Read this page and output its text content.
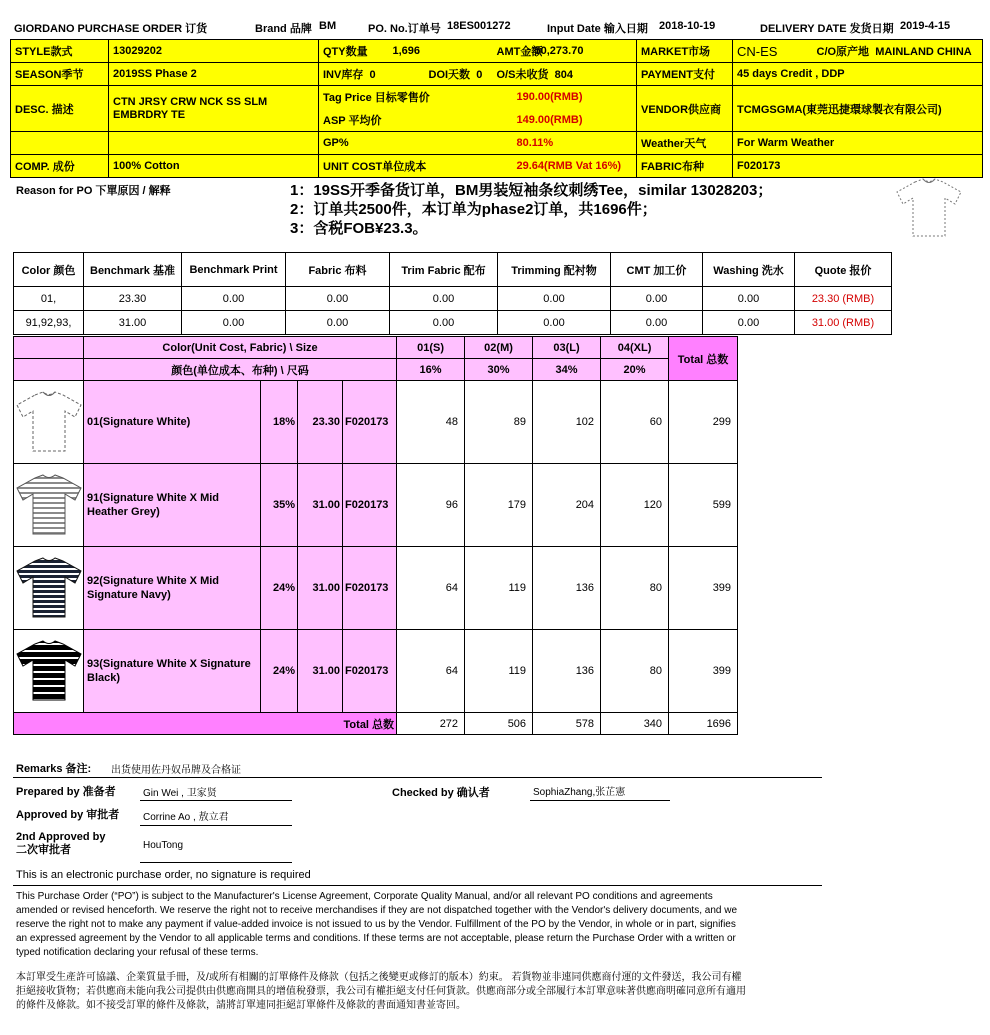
GIORDANO PURCHASE ORDER 订货	Brand 品牌 BM	PO. No.订单号 18ES001272	Input Date 输入日期 2018-10-19	DELIVERY DATE 发货日期 2019-4-15
STYLE款式	13029202	QTY数量	1,696	AMT金额	50,273.70	MARKET市场	CN-ES	C/O原产地 MAINLAND CHINA
SEASON季节	2019SS Phase 2	INV库存 0	DOI天数 0	O/S未收货 804		PAYMENT支付	45 days Credit , DDP	
DESC. 描述	CTN JRSY CRW NCK SS SLM
EMBRDRY TE	Tag Price 目标零售价		190.00(RMB)		VENDOR供应商	TCMGSGMA(東莞迅捷環球製衣有限公司)	
		ASP 平均价		149.00(RMB)				
		GP%		80.11%		Weather天气	For Warm Weather	
COMP. 成份	100% Cotton	UNIT COST单位成本		29.64(RMB Vat 16%)		FABRIC布种	F020173	
Reason for PO 下單原因 / 解释	1：19SS开季备货订单，BM男装短袖条纹刺绣Tee，similar 13028203；
2：订单共2500件，本订单为phase2订单，共1696件；
3：含税FOB¥23.3。
Color 颜色	Benchmark 基准	Benchmark Print	Fabric 布料	Trim Fabric 配布	Trimming 配衬物	CMT 加工价	Washing 洗水	Quote 报价
01,	23.30	0.00	0.00	0.00	0.00	0.00	0.00	23.30 (RMB)
91,92,93,	31.00	0.00	0.00	0.00	0.00	0.00	0.00	31.00 (RMB)
	Color(Unit Cost, Fabric) \ Size				01(S)	02(M)	03(L)	04(XL)	Total 总数
	颜色(单位成本、布种) \ 尺码				16%	30%	34%	20%	

	01(Signature White)	18%	23.30	F020173	48	89	102	60	299

	91(Signature White X Mid Heather Grey)	35%	31.00	F020173	96	179	204	120	599

	92(Signature White X Mid Signature Navy)	24%	31.00	F020173	64	119	136	80	399

	93(Signature White X Signature Black)	24%	31.00	F020173	64	119	136	80	399
Total 总数					272	506	578	340	1696
Remarks 备注: 出货使用佐丹奴吊牌及合格证
Prepared by 准备者	Gin Wei , 卫家贤	Checked by 确认者	SophiaZhang,张芷憲
Approved by 审批者 Corrine Ao , 敖立君
2nd Approved by
二次审批者	HouTong
This is an electronic purchase order, no signature is required
This Purchase Order (“PO”) is subject to the Manufacturer's License Agreement, Corporate Quality Manual, and/or all relevant PO conditions and agreements
amended or revised henceforth. We reserve the right not to receive merchandises if they are not dispatched together with the Vendor's delivery documents, and we
reserve the right not to make any payment if value-added invoice is not issued to us by the Vendor. Fulfillment of the PO by the Vendor, in whole or in part, signifies
an expressed agreement by the Vendor to all applicable terms and conditions. If these terms are not acceptable, please return the Purchase Order with a written or
typed notification declaring your refusal of these terms.
本訂單受生產許可協議、企業質量手冊，及/或所有相關的訂單條件及條款（包括之後變更或修訂的版本）約束。 若貨物並非連同供應商付運的文件發送，我公司有權
拒絕接收貨物；若供應商未能向我公司提供由供應商開具的增值稅發票，我公司有權拒絕支付任何貨款。供應商部分或全部履行本訂單意味著供應商明確同意所有適用
的條件及條款。如不接受訂單的條件及條款，請將訂單連同拒絕訂單條件及條款的書面通知書並寄回。
